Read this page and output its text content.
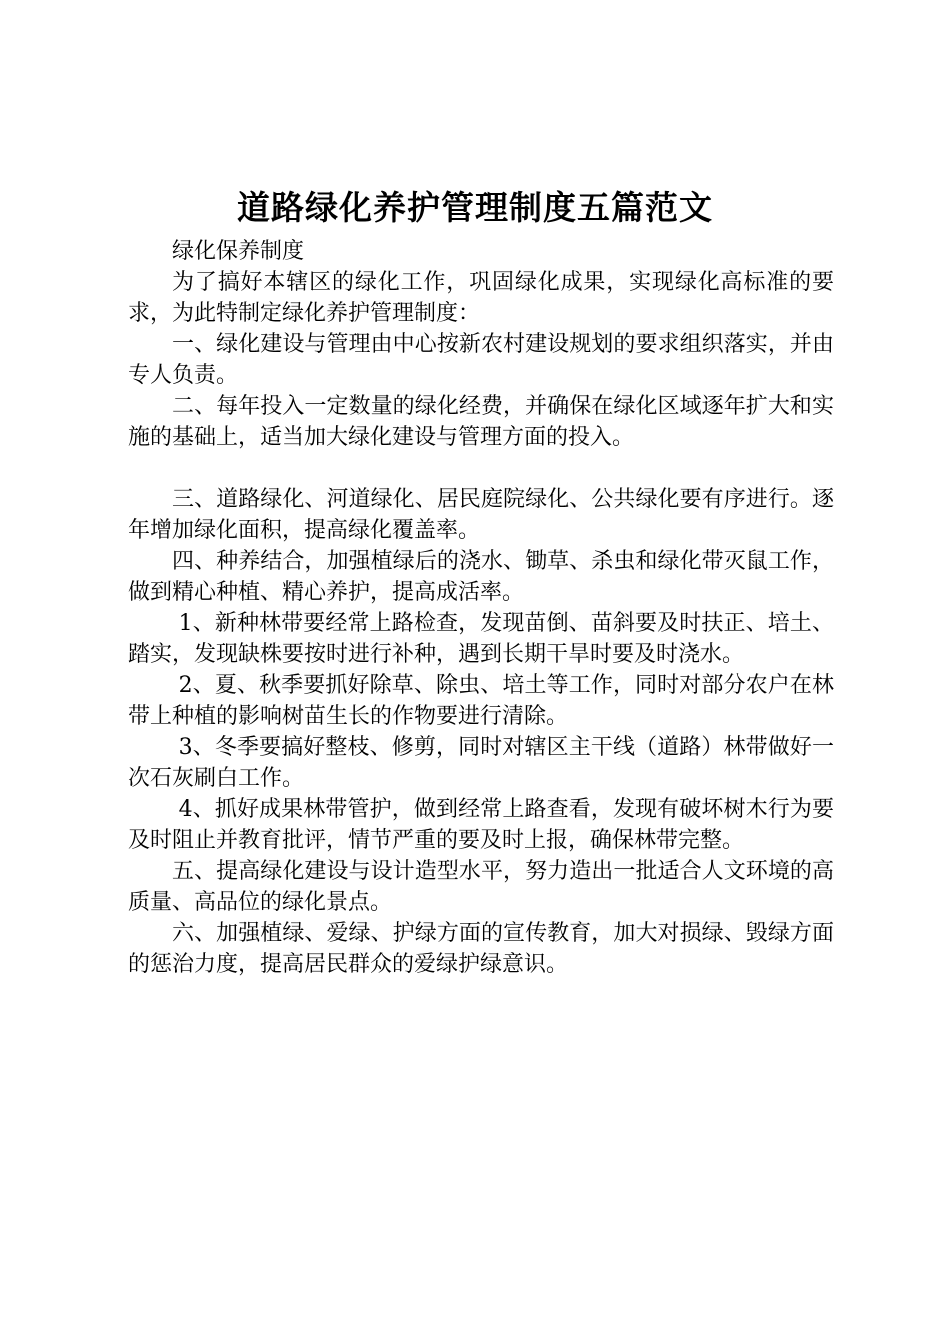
道路绿化养护管理制度五篇范文

绿化保养制度

为了搞好本辖区的绿化工作，巩固绿化成果，实现绿化高标准的要求，为此特制定绿化养护管理制度：

一、绿化建设与管理由中心按新农村建设规划的要求组织落实，并由专人负责。

二、每年投入一定数量的绿化经费，并确保在绿化区域逐年扩大和实施的基础上，适当加大绿化建设与管理方面的投入。

三、道路绿化、河道绿化、居民庭院绿化、公共绿化要有序进行。逐年增加绿化面积，提高绿化覆盖率。

四、种养结合，加强植绿后的浇水、锄草、杀虫和绿化带灭鼠工作，做到精心种植、精心养护，提高成活率。

1、新种林带要经常上路检查，发现苗倒、苗斜要及时扶正、培土、踏实，发现缺株要按时进行补种，遇到长期干旱时要及时浇水。

2、夏、秋季要抓好除草、除虫、培土等工作，同时对部分农户在林带上种植的影响树苗生长的作物要进行清除。

3、冬季要搞好整枝、修剪，同时对辖区主干线（道路）林带做好一次石灰刷白工作。

4、抓好成果林带管护，做到经常上路查看，发现有破坏树木行为要及时阻止并教育批评，情节严重的要及时上报，确保林带完整。

五、提高绿化建设与设计造型水平，努力造出一批适合人文环境的高质量、高品位的绿化景点。

六、加强植绿、爱绿、护绿方面的宣传教育，加大对损绿、毁绿方面的惩治力度，提高居民群众的爱绿护绿意识。
